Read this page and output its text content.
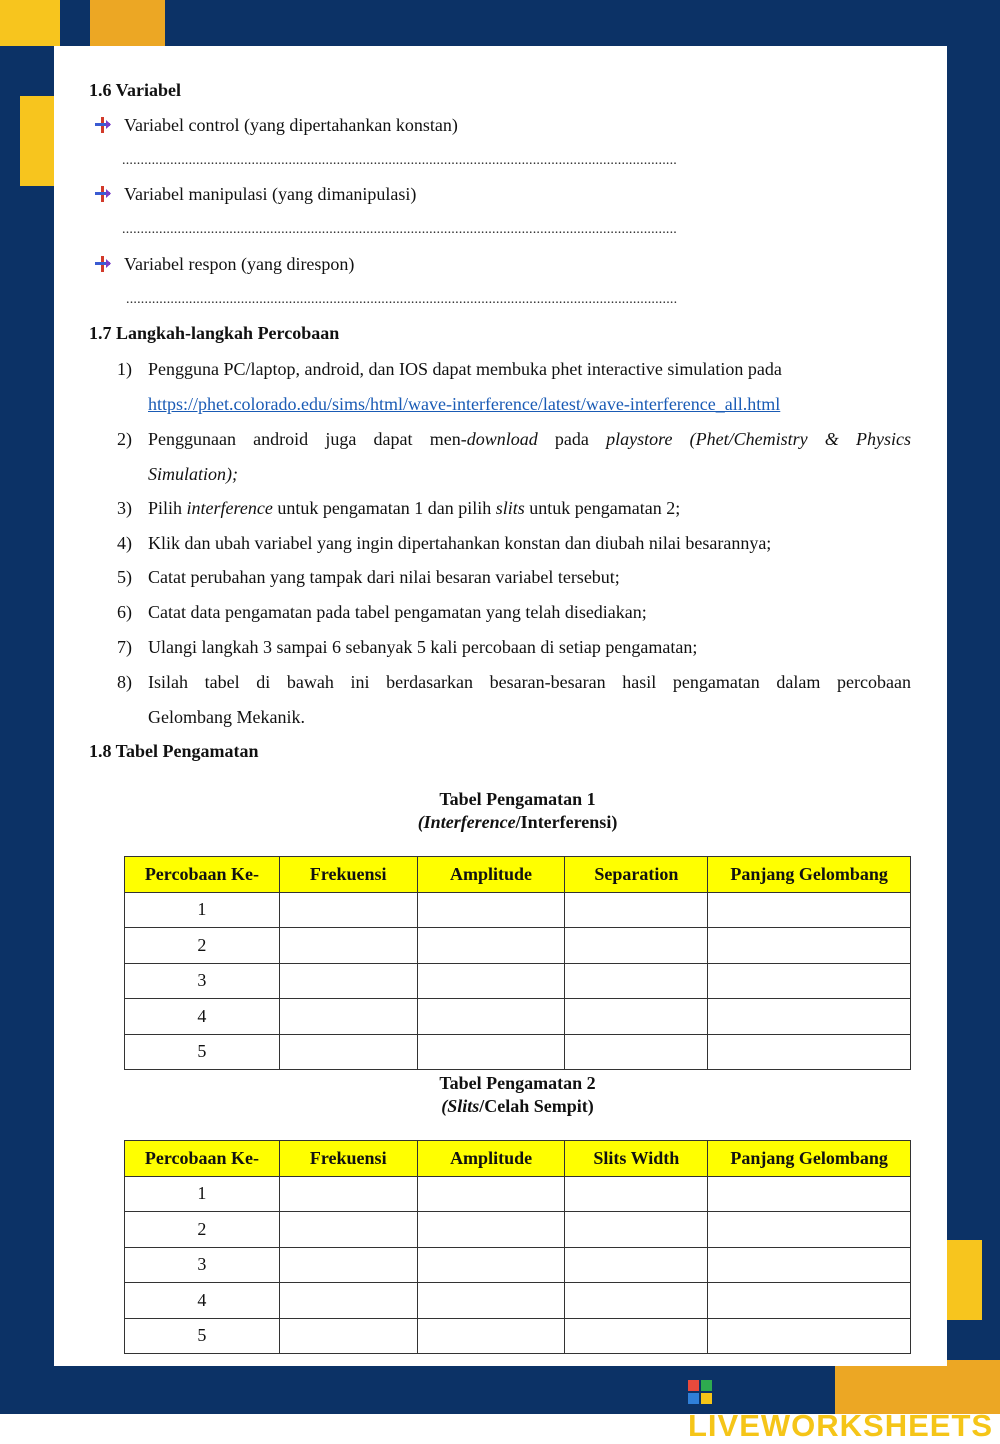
1.6 Variabel
Variabel control (yang dipertahankan konstan)
......................................................................................................................................................
Variabel manipulasi (yang dimanipulasi)
......................................................................................................................................................
Variabel respon (yang direspon)
.....................................................................................................................................................
1.7 Langkah-langkah Percobaan
1) Pengguna PC/laptop, android, dan IOS dapat membuka phet interactive simulation pada
https://phet.colorado.edu/sims/html/wave-interference/latest/wave-interference_all.html
2) Penggunaan android juga dapat men-download pada playstore (Phet/Chemistry & Physics
Simulation);
3) Pilih interference untuk pengamatan 1 dan pilih slits untuk pengamatan 2;
4) Klik dan ubah variabel yang ingin dipertahankan konstan dan diubah nilai besarannya;
5) Catat perubahan yang tampak dari nilai besaran variabel tersebut;
6) Catat data pengamatan pada tabel pengamatan yang telah disediakan;
7) Ulangi langkah 3 sampai 6 sebanyak 5 kali percobaan di setiap pengamatan;
8) Isilah tabel di bawah ini berdasarkan besaran-besaran hasil pengamatan dalam percobaan
Gelombang Mekanik.
1.8 Tabel Pengamatan
Tabel Pengamatan 1
(Interference/Interferensi)
Percobaan Ke-	Frekuensi	Amplitude	Separation	Panjang Gelombang
1				
2				
3				
4				
5				
Tabel Pengamatan 2
(Slits/Celah Sempit)
Percobaan Ke-	Frekuensi	Amplitude	Slits Width	Panjang Gelombang
1				
2				
3				
4				
5				
LIVEWORKSHEETS
